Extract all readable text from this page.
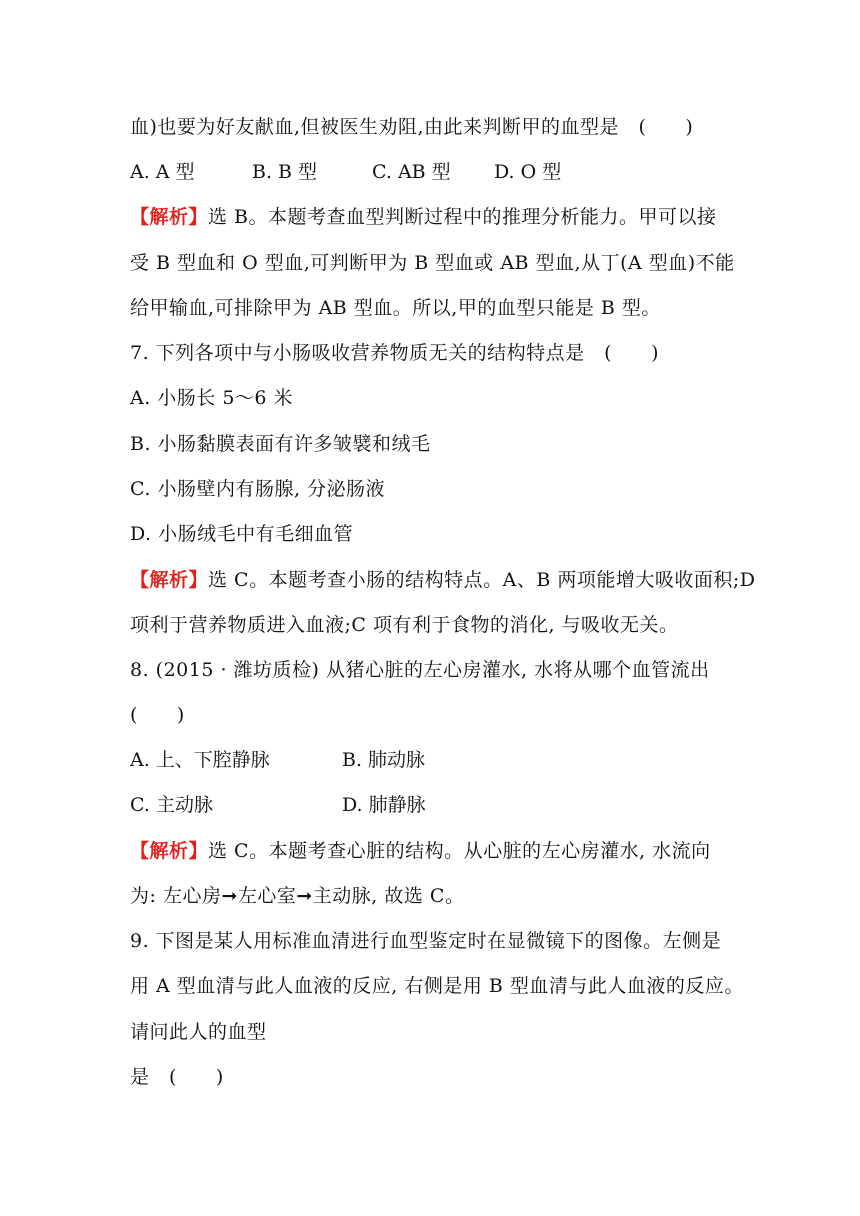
血)也要为好友献血,但被医生劝阻,由此来判断甲的血型是　(　　)
A. A 型	B. B 型	C. AB 型 D. O 型
【解析】选 B。本题考查血型判断过程中的推理分析能力。甲可以接
受 B 型血和 O 型血,可判断甲为 B 型血或 AB 型血,从丁(A 型血)不能
给甲输血,可排除甲为 AB 型血。所以,甲的血型只能是 B 型。
7. 下列各项中与小肠吸收营养物质无关的结构特点是　(　　)
A. 小肠长 5～6 米
B. 小肠黏膜表面有许多皱襞和绒毛
C. 小肠壁内有肠腺, 分泌肠液
D. 小肠绒毛中有毛细血管
【解析】选 C。本题考查小肠的结构特点。A、B 两项能增大吸收面积;D
项利于营养物质进入血液;C 项有利于食物的消化, 与吸收无关。
8. (2015 · 潍坊质检) 从猪心脏的左心房灌水, 水将从哪个血管流出
(　　)
A. 上、下腔静脉	B. 肺动脉
C. 主动脉	D. 肺静脉
【解析】选 C。本题考查心脏的结构。从心脏的左心房灌水, 水流向
为: 左心房➞左心室➞主动脉, 故选 C。
9. 下图是某人用标准血清进行血型鉴定时在显微镜下的图像。左侧是
用 A 型血清与此人血液的反应, 右侧是用 B 型血清与此人血液的反应。
请问此人的血型
是　(　　)
